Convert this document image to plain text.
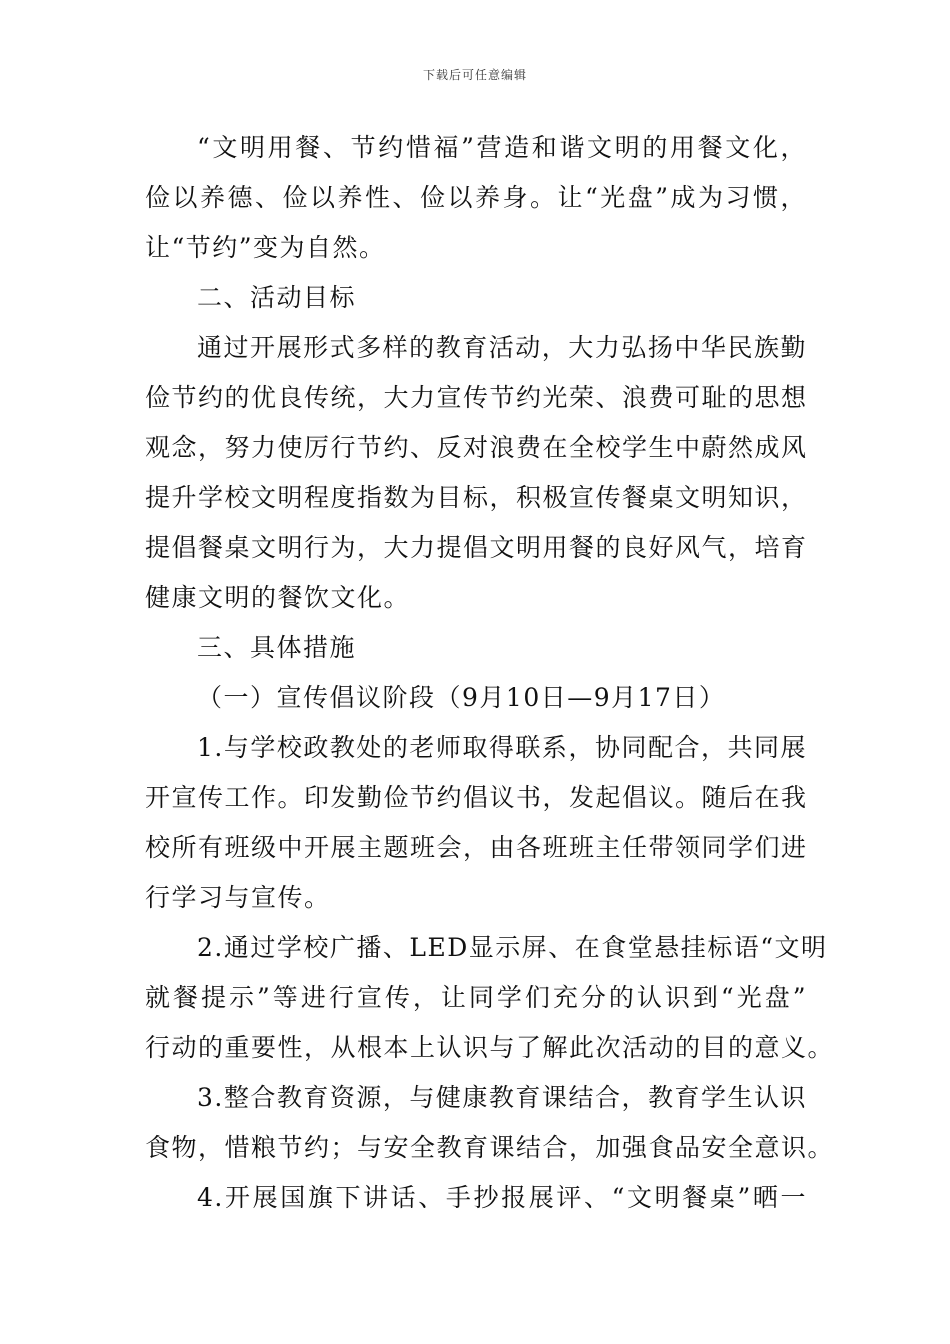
下载后可任意编辑
“文明用餐、节约惜福”营造和谐文明的用餐文化，
俭以养德、俭以养性、俭以养身。让“光盘”成为习惯，
让“节约”变为自然。
二、活动目标
通过开展形式多样的教育活动，大力弘扬中华民族勤
俭节约的优良传统，大力宣传节约光荣、浪费可耻的思想
观念，努力使厉行节约、反对浪费在全校学生中蔚然成风
提升学校文明程度指数为目标，积极宣传餐桌文明知识，
提倡餐桌文明行为，大力提倡文明用餐的良好风气，培育
健康文明的餐饮文化。
三、具体措施
（一）宣传倡议阶段（9月10日—9月17日）
1.与学校政教处的老师取得联系，协同配合，共同展
开宣传工作。印发勤俭节约倡议书，发起倡议。随后在我
校所有班级中开展主题班会，由各班班主任带领同学们进
行学习与宣传。
2.通过学校广播、LED显示屏、在食堂悬挂标语“文明
就餐提示”等进行宣传，让同学们充分的认识到“光盘”
行动的重要性，从根本上认识与了解此次活动的目的意义。
3.整合教育资源，与健康教育课结合，教育学生认识
食物，惜粮节约；与安全教育课结合，加强食品安全意识。
4.开展国旗下讲话、手抄报展评、“文明餐桌”晒一
